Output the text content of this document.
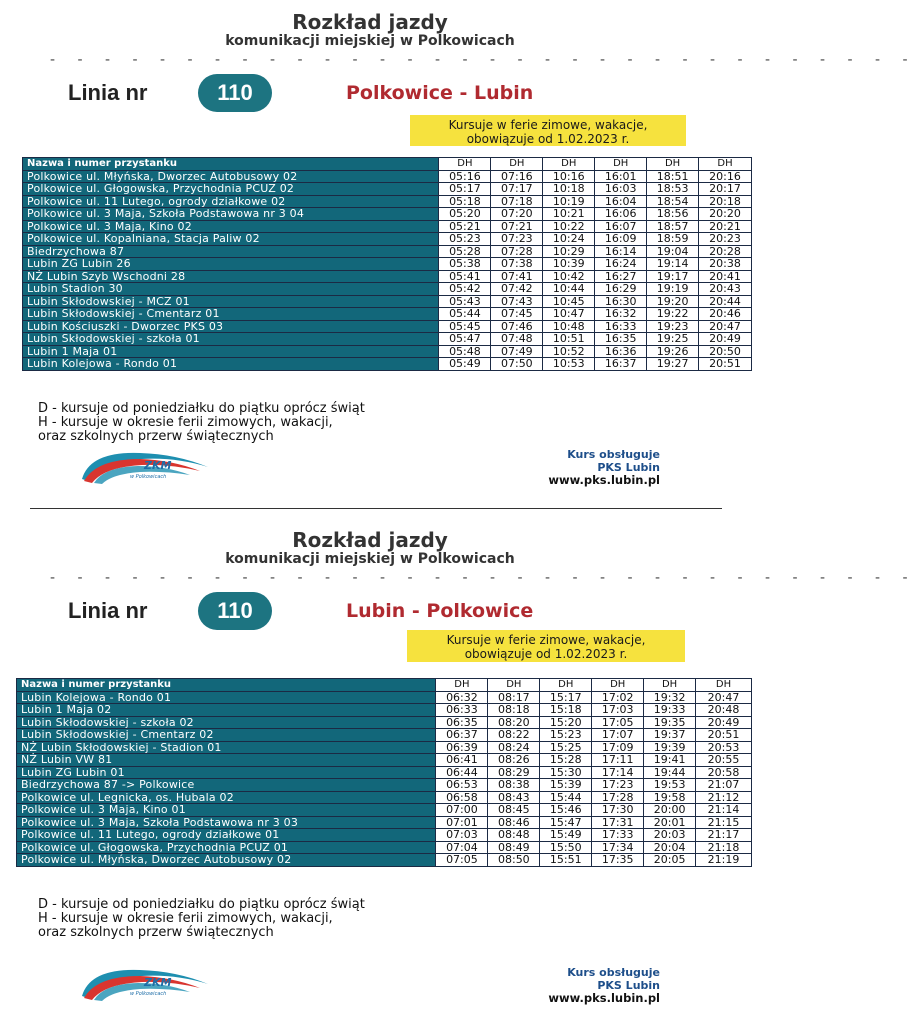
Rozkład jazdy
komunikacji miejskiej w Polkowicach
- - - - - - - - - - - - - - - - - - - - - - - - - - - - - - - -
Linia nr	110	Polkowice - Lubin
Kursuje w ferie zimowe, wakacje,
obowiązuje od 1.02.2023 r.
Nazwa i numer przystanku	DH	DH	DH	DH	DH	DH
Polkowice ul. Młyńska, Dworzec Autobusowy 02	05:16	07:16	10:16	16:01	18:51	20:16
Polkowice ul. Głogowska, Przychodnia PCUZ 02	05:17	07:17	10:18	16:03	18:53	20:17
Polkowice ul. 11 Lutego, ogrody działkowe 02	05:18	07:18	10:19	16:04	18:54	20:18
Polkowice ul. 3 Maja, Szkoła Podstawowa nr 3 04	05:20	07:20	10:21	16:06	18:56	20:20
Polkowice ul. 3 Maja, Kino 02	05:21	07:21	10:22	16:07	18:57	20:21
Polkowice ul. Kopalniana, Stacja Paliw 02	05:23	07:23	10:24	16:09	18:59	20:23
Biedrzychowa 87	05:28	07:28	10:29	16:14	19:04	20:28
Lubin ZG Lubin 26	05:38	07:38	10:39	16:24	19:14	20:38
NŻ Lubin Szyb Wschodni 28	05:41	07:41	10:42	16:27	19:17	20:41
Lubin Stadion 30	05:42	07:42	10:44	16:29	19:19	20:43
Lubin Skłodowskiej - MCZ 01	05:43	07:43	10:45	16:30	19:20	20:44
Lubin Skłodowskiej - Cmentarz 01	05:44	07:45	10:47	16:32	19:22	20:46
Lubin Kościuszki - Dworzec PKS 03	05:45	07:46	10:48	16:33	19:23	20:47
Lubin Skłodowskiej - szkoła 01	05:47	07:48	10:51	16:35	19:25	20:49
Lubin 1 Maja 01	05:48	07:49	10:52	16:36	19:26	20:50
Lubin Kolejowa - Rondo 01	05:49	07:50	10:53	16:37	19:27	20:51
D - kursuje od poniedziałku do piątku oprócz świąt
H - kursuje w okresie ferii zimowych, wakacji,
oraz szkolnych przerw świątecznych
ZKM
w Polkowicach
Kurs obsługuje
PKS Lubin
www.pks.lubin.pl
Rozkład jazdy
komunikacji miejskiej w Polkowicach
- - - - - - - - - - - - - - - - - - - - - - - - - - - - - - - -
Linia nr	110	Lubin - Polkowice
Kursuje w ferie zimowe, wakacje,
obowiązuje od 1.02.2023 r.
Nazwa i numer przystanku	DH	DH	DH	DH	DH	DH
Lubin Kolejowa - Rondo 01	06:32	08:17	15:17	17:02	19:32	20:47
Lubin 1 Maja 02	06:33	08:18	15:18	17:03	19:33	20:48
Lubin Skłodowskiej - szkoła 02	06:35	08:20	15:20	17:05	19:35	20:49
Lubin Skłodowskiej - Cmentarz 02	06:37	08:22	15:23	17:07	19:37	20:51
NŻ Lubin Skłodowskiej - Stadion 01	06:39	08:24	15:25	17:09	19:39	20:53
NŻ Lubin VW 81	06:41	08:26	15:28	17:11	19:41	20:55
Lubin ZG Lubin 01	06:44	08:29	15:30	17:14	19:44	20:58
Biedrzychowa 87 -> Polkowice	06:53	08:38	15:39	17:23	19:53	21:07
Polkowice ul. Legnicka, os. Hubala 02	06:58	08:43	15:44	17:28	19:58	21:12
Polkowice ul. 3 Maja, Kino 01	07:00	08:45	15:46	17:30	20:00	21:14
Polkowice ul. 3 Maja, Szkoła Podstawowa nr 3 03	07:01	08:46	15:47	17:31	20:01	21:15
Polkowice ul. 11 Lutego, ogrody działkowe 01	07:03	08:48	15:49	17:33	20:03	21:17
Polkowice ul. Głogowska, Przychodnia PCUZ 01	07:04	08:49	15:50	17:34	20:04	21:18
Polkowice ul. Młyńska, Dworzec Autobusowy 02	07:05	08:50	15:51	17:35	20:05	21:19
D - kursuje od poniedziałku do piątku oprócz świąt
H - kursuje w okresie ferii zimowych, wakacji,
oraz szkolnych przerw świątecznych
ZKM
w Polkowicach
Kurs obsługuje
PKS Lubin
www.pks.lubin.pl
